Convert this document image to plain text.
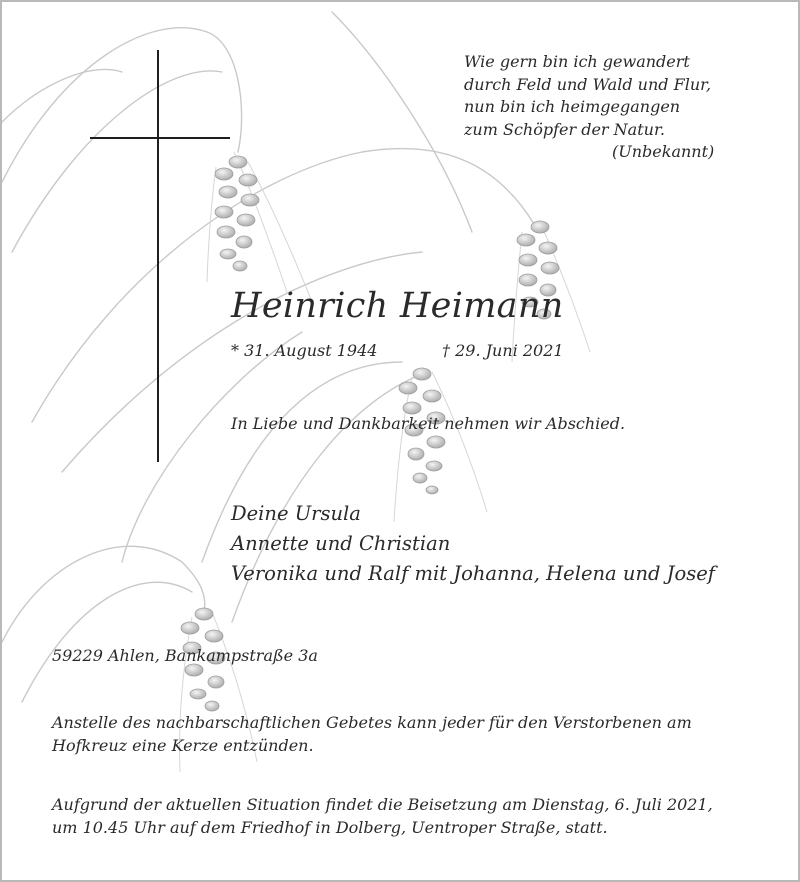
Wie gern bin ich gewandert
durch Feld und Wald und Flur,
nun bin ich heimgegangen
zum Schöpfer der Natur.
(Unbekannt)
Heinrich Heimann
* 31. August 1944	† 29. Juni 2021
In Liebe und Dankbarkeit nehmen wir Abschied.
Deine Ursula
Annette und Christian
Veronika und Ralf mit Johanna, Helena und Josef
59229 Ahlen, Bankampstraße 3a
Anstelle des nachbarschaftlichen Gebetes kann jeder für den Verstorbenen am
Hofkreuz eine Kerze entzünden.
Aufgrund der aktuellen Situation findet die Beisetzung am Dienstag, 6. Juli 2021,
um 10.45 Uhr auf dem Friedhof in Dolberg, Uentroper Straße, statt.
